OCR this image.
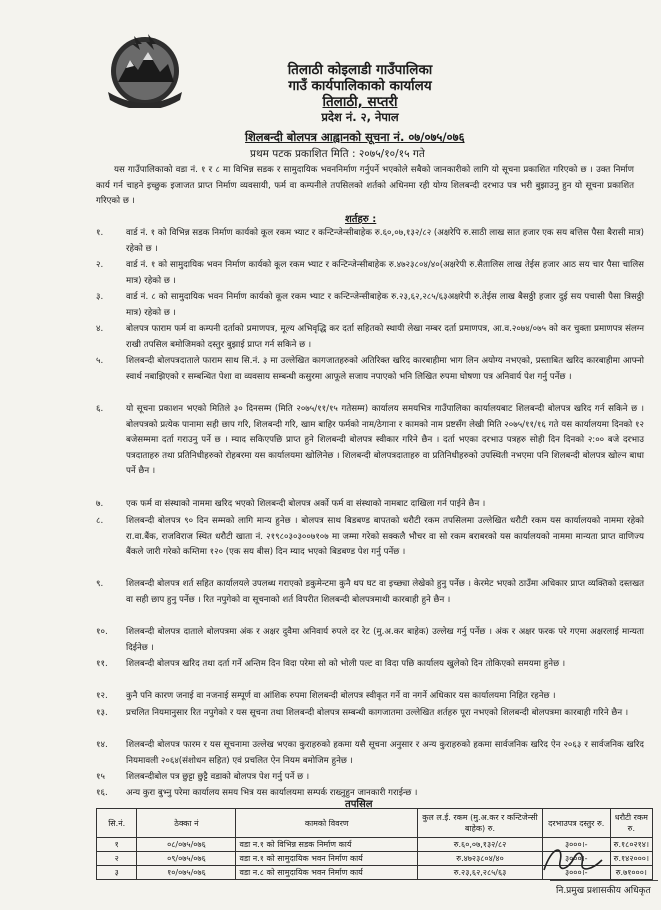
तिलाठी कोइलाडी गाउँपालिका
गाउँ कार्यपालिकाको कार्यालय
तिलाठी, सप्तरी
प्रदेश नं. २, नेपाल
शिलबन्दी बोलपत्र आह्वानको सूचना नं. ०७/०७५/०७६
प्रथम पटक प्रकाशित मिति : २०७५/१०/१५ गते

यस गाउँपालिकाको वडा नं. १ र ८ मा विभिन्न सडक र सामुदायिक भवननिर्माण गर्नुपर्ने भएकोले सबैको जानकारीको लागि यो सूचना प्रकाशित गरिएको छ । उक्त निर्माण कार्य गर्न चाहने इच्छुक इजाजत प्राप्त निर्माण व्यवसायी, फर्म वा कम्पनीले तपसिलको शर्तको अधिनमा रही योग्य शिलबन्दी दरभाउ पत्र भरी बुझाउनु हुन यो सूचना प्रकाशित गरिएको छ ।

शर्तहरु :
१.	वार्ड नं. १ को विभिन्न सडक निर्माण कार्यको कूल रकम भ्याट र कन्टिन्जेन्सीबाहेक रु.६०,०७,१३२/८२ (अक्षरेपि रु.साठी लाख सात हजार एक सय बत्तिस पैसा बैरासी मात्र) रहेको छ ।
२.	वार्ड नं. १ को सामुदायिक भवन निर्माण कार्यको कूल रकम भ्याट र कन्टिन्जेन्सीबाहेक रु.४७२३८०४/४०(अक्षरेपी रु.सैतालिस लाख तेईस हजार आठ सय चार पैसा चालिस मात्र) रहेको छ ।
३.	वार्ड नं. ८ को सामुदायिक भवन निर्माण कार्यको कूल रकम भ्याट र कन्टिन्जेन्सीबाहेक रु.२३,६२,२८५/६३अक्षरेपी रु.तेईस लाख बैसठ्ठी हजार दुई सय पचासी पैसा त्रिसठ्ठी मात्र) रहेको छ ।
४.	बोलपत्र फाराम फर्म वा कम्पनी दर्ताको प्रमाणपत्र, मूल्य अभिवृद्धि कर दर्ता सहितको स्थायी लेखा नम्बर दर्ता प्रमाणपत्र, आ.व.२०७४/०७५ को कर चुक्ता प्रमाणपत्र संलग्न राखी तपसिल बमोजिमको दस्तुर बुझाई प्राप्त गर्न सकिने छ ।
५.	शिलबन्दी बोलपत्रदाताले फाराम साथ सि.नं. ३ मा उल्लेखित कागजातहरुको अतिरिक्त खरिद कारबाहीमा भाग लिन अयोग्य नभएको, प्रस्ताबित खरिद कारबाहीमा आफ्नो स्वार्थ नबाझिएको र सम्बन्धित पेशा वा व्यवसाय सम्बन्धी कसुरमा आफूले सजाय नपाएको भनि लिखित रुपमा घोषणा पत्र अनिवार्य पेश गर्नु पर्नेछ ।
६.	यो सूचना प्रकाशन भएको मितिले ३० दिनसम्म (मिति २०७५/११/१५ गतेसम्म) कार्यालय समयभित्र गाउँपालिका कार्यालयबाट शिलबन्दी बोलपत्र खरिद गर्न सकिने छ । बोलपत्रको प्रत्येक पानामा सही छाप गरि, शिलबन्दी गरि, खाम बाहिर फर्मको नाम/ठेगाना र कामको नाम प्रष्टसँग लेखी मिति २०७५/११/१६ गते यस कार्यालयमा दिनको १२ बजेसम्ममा दर्ता गराउनु पर्ने छ । म्याद सकिएपछि प्राप्त हुने शिलबन्दी बोलपत्र स्वीकार गरिने छैन । दर्ता भएका दरभाउ पत्रहरु सोही दिन दिनको २:०० बजे दरभाउ पत्रदाताहरु तथा प्रतिनिधीहरुको रोहबरमा यस कार्यालयमा खोलिनेछ । शिलबन्दी बोलपत्रदाताहरु वा प्रतिनिधीहरुको उपस्थिती नभएमा पनि शिलबन्दी बोलपत्र खोल्न बाधा पर्ने छैन ।
७.	एक फर्म वा संस्थाको नाममा खरिद भएको शिलबन्दी बोलपत्र अर्को फर्म वा संस्थाको नामबाट दाखिला गर्न पाईने छैन ।
८.	शिलबन्दी बोलपत्र ९० दिन सम्मको लागि मान्य हुनेछ । बोलपत्र साथ बिडबण्ड बापतको धरौटी रकम तपसिलमा उल्लेखित धरौटी रकम यस कार्यालयको नाममा रहेको रा.वा.बैंक, राजविराज स्थित धरौटी खाता नं. २१९८०३०३००७१०७ मा जम्मा गरेको सक्कलै भौचर वा सो रकम बराबरको यस कार्यालयको नाममा मान्यता प्राप्त वाणिज्य बैंकले जारी गरेको कम्तिमा १२० (एक सय बीस) दिन म्याद भएको बिडबण्ड पेश गर्नु पर्नेछ ।
९.	शिलबन्दी बोलपत्र शर्त सहित कार्यालयले उपलब्ध गराएको डकुमेन्टमा कुनै थप घट वा इच्छ्या लेखेको हुनु पर्नेछ । केरमेट भएको ठाउँमा अधिकार प्राप्त व्यक्तिको दस्तखत वा सही छाप हुनु पर्नेछ । रित नपुगेको वा सूचनाको शर्त विपरीत शिलबन्दी बोलपत्रमाथी कारबाही हुने छैन ।
१०.	शिलबन्दी बोलपत्र दाताले बोलपत्रमा अंक र अक्षर दुवैमा अनिवार्य रुपले दर रेट (मु.अ.कर बाहेक) उल्लेख गर्नु पर्नेछ । अंक र अक्षर फरक परे गएमा अक्षरलाई मान्यता दिईनेछ ।
११.	शिलबन्दी बोलपत्र खरिद तथा दर्ता गर्ने अन्तिम दिन विदा परेमा सो को भोली पल्ट वा विदा पछि कार्यालय खुलेको दिन तोकिएको समयमा हुनेछ ।
१२.	कुनै पनि कारण जनाई वा नजनाई सम्पूर्ण वा आंशिक रुपमा शिलबन्दी बोलपत्र स्वीकृत गर्ने वा नगर्ने अधिकार यस कार्यालयमा निहित रहनेछ ।
१३.	प्रचलित नियमानुसार रित नपुगेको र यस सूचना तथा शिलबन्दी बोलपत्र सम्बन्धी कागजातमा उल्लेखित शर्तहरु पूरा नभएको शिलबन्दी बोलपत्रमा कारबाही गरिने छैन ।
१४.	शिलबन्दी बोलपत्र फारम र यस सूचनामा उल्लेख भएका कुराहरुको हकमा यसै सूचना अनुसार र अन्य कुराहरुको हकमा सार्वजनिक खरिद ऐन २०६३ र सार्वजनिक खरिद नियमावली २०६४(संशोधन सहित) एवं प्रचलित ऐन नियम बमोजिम हुनेछ ।
१५	शिलबन्दीबोल पत्र छुट्टा छुट्टै वडाको बोलपत्र पेश गर्नु पर्ने छ ।
१६.	अन्य कुरा बुभ्नु परेमा कार्यालय समय भित्र यस कार्यालयमा सम्पर्क राख्नुहुन जानकारी गराईन्छ ।
तपसिल
सि.नं.	ठेक्का नं	कामको विवरण	कुल ल.ई. रकम (मु.अ.कर र कन्टिजेन्सी बाहेक) रु.	दरभाउपत्र दस्तुर रु.	धरौटी रकम रु.
१	०८/०७५/०७६	वडा न.१ को विभिन्न सडक निर्माण कार्य	रु.६०,०७,१३२/८२	३०००।-	रु.१८०२१४।
२	०९/०७५/०७६	वडा न.१ को सामुदायिक भवन निर्माण कार्य	रु.४७२३८०४/४०	३०००।-	रु.१४२०००।
३	१०/०७५/०७६	वडा न.८ को सामुदायिक भवन निर्माण कार्य	रु.२३,६२,२८५/६३	३०००।-	रु.७१०००।
नि.प्रमुख प्रशासकीय अधिकृत
